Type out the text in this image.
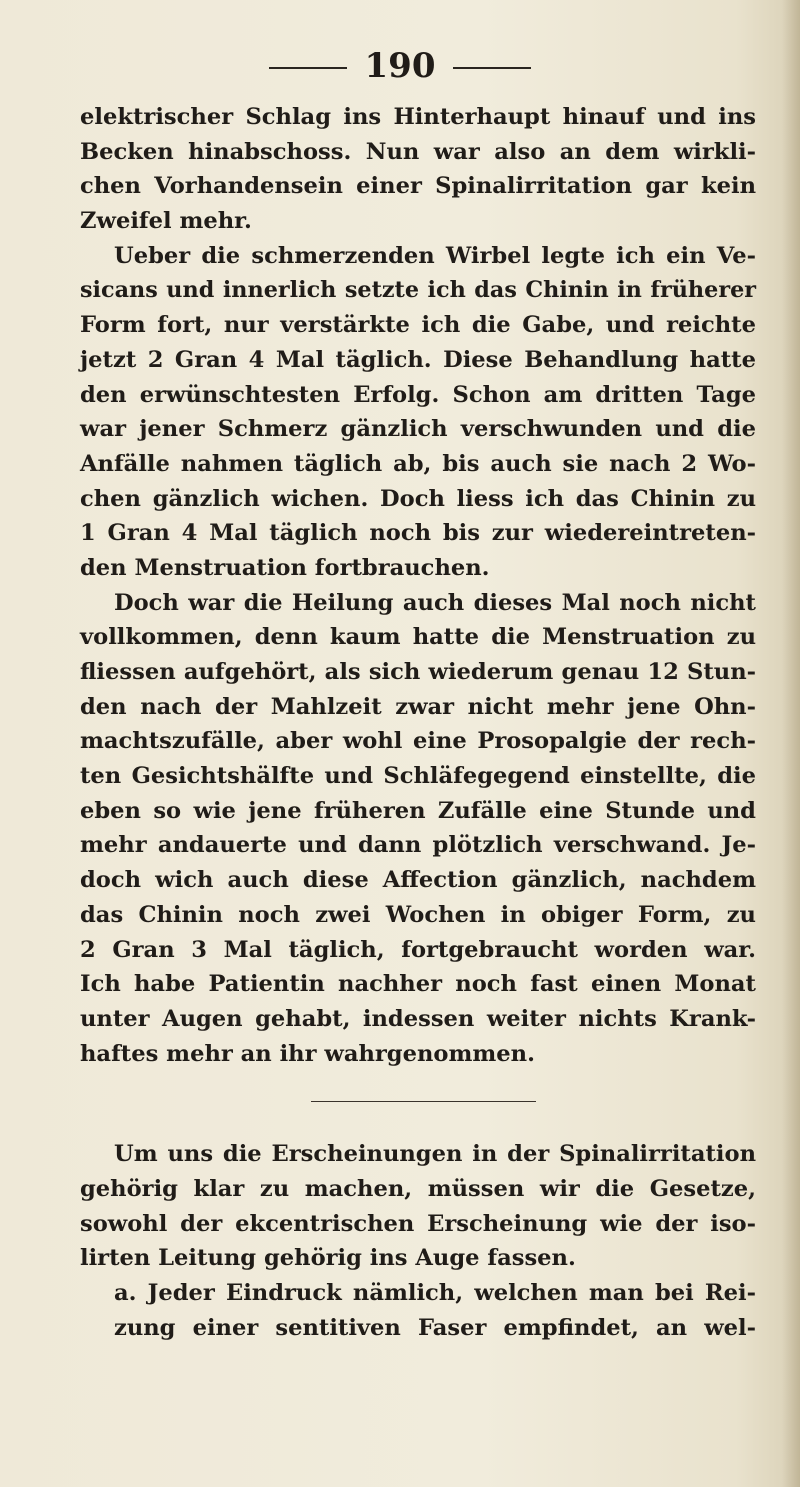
190
elektrischer Schlag ins Hinterhaupt hinauf und ins
Becken hinabschoss. Nun war also an dem wirkli-
chen Vorhandensein einer Spinalirritation gar kein
Zweifel mehr.
Ueber die schmerzenden Wirbel legte ich ein Ve-
sicans und innerlich setzte ich das Chinin in früherer
Form fort, nur verstärkte ich die Gabe, und reichte
jetzt 2 Gran 4 Mal täglich. Diese Behandlung hatte
den erwünschtesten Erfolg. Schon am dritten Tage
war jener Schmerz gänzlich verschwunden und die
Anfälle nahmen täglich ab, bis auch sie nach 2 Wo-
chen gänzlich wichen. Doch liess ich das Chinin zu
1 Gran 4 Mal täglich noch bis zur wiedereintreten-
den Menstruation fortbrauchen.
Doch war die Heilung auch dieses Mal noch nicht
vollkommen, denn kaum hatte die Menstruation zu
fliessen aufgehört, als sich wiederum genau 12 Stun-
den nach der Mahlzeit zwar nicht mehr jene Ohn-
machtszufälle, aber wohl eine Prosopalgie der rech-
ten Gesichtshälfte und Schläfegegend einstellte, die
eben so wie jene früheren Zufälle eine Stunde und
mehr andauerte und dann plötzlich verschwand. Je-
doch wich auch diese Affection gänzlich, nachdem
das Chinin noch zwei Wochen in obiger Form, zu
2 Gran 3 Mal täglich, fortgebraucht worden war.
Ich habe Patientin nachher noch fast einen Monat
unter Augen gehabt, indessen weiter nichts Krank-
haftes mehr an ihr wahrgenommen.
Um uns die Erscheinungen in der Spinalirritation
gehörig klar zu machen, müssen wir die Gesetze,
sowohl der ekcentrischen Erscheinung wie der iso-
lirten Leitung gehörig ins Auge fassen.
a. Jeder Eindruck nämlich, welchen man bei Rei-
zung einer sentitiven Faser empfindet, an wel-
